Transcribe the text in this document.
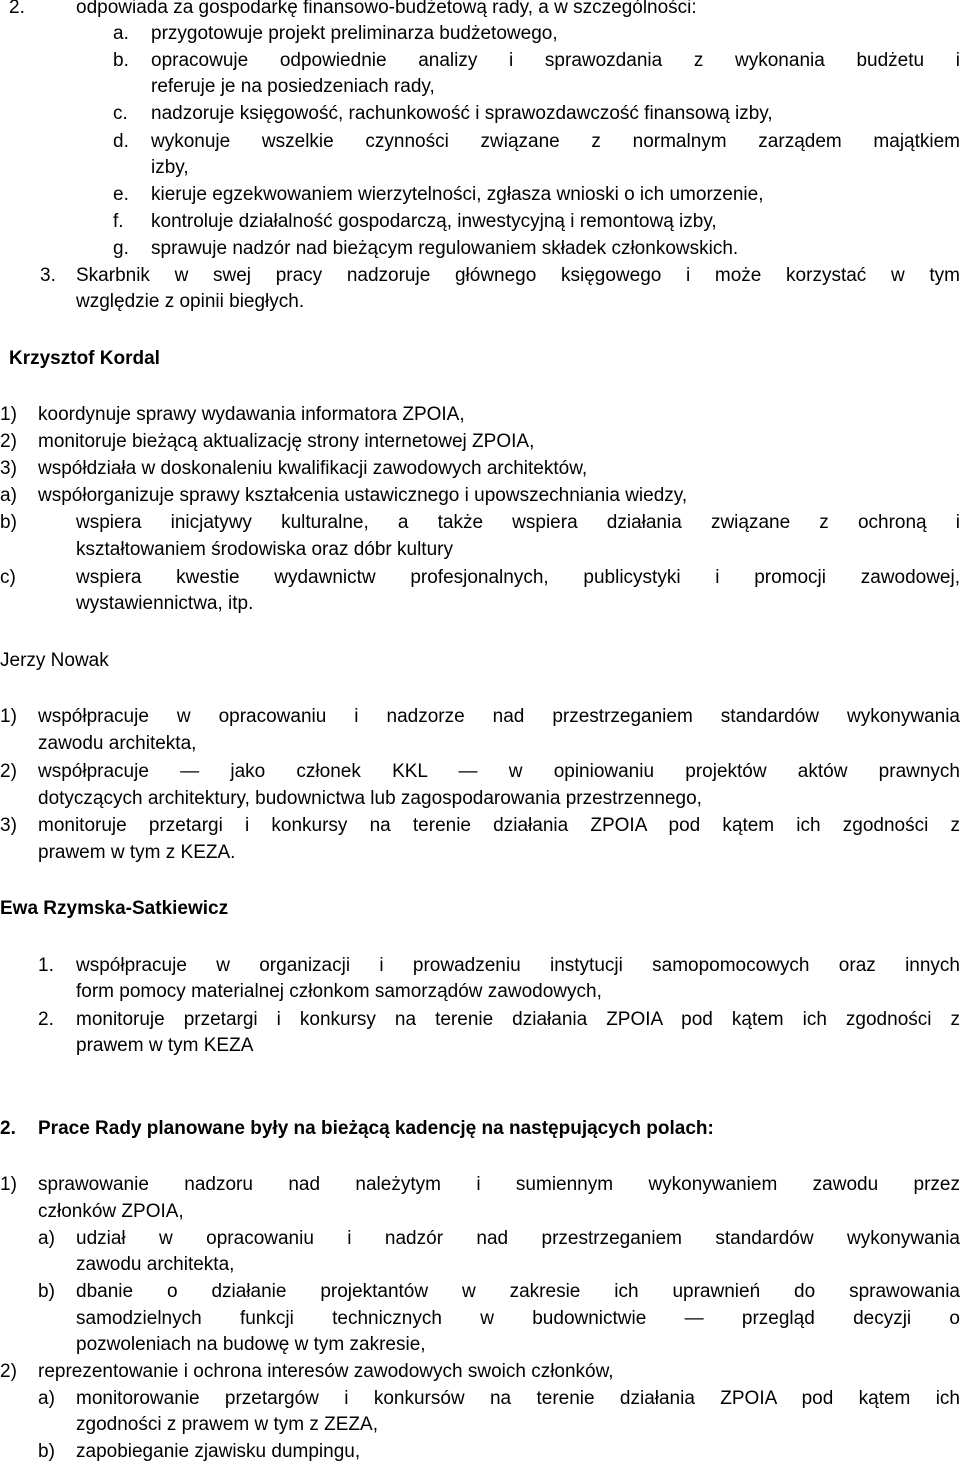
2.	odpowiada za gospodarkę finansowo-budżetową rady, a w szczególności:
a. przygotowuje projekt preliminarza budżetowego,
b. opracowuje odpowiednie analizy i sprawozdania z wykonania budżetu i
referuje je na posiedzeniach rady,
c. nadzoruje księgowość, rachunkowość i sprawozdawczość finansową izby,
d. wykonuje wszelkie czynności związane z normalnym zarządem majątkiem
izby,
e. kieruje egzekwowaniem wierzytelności, zgłasza wnioski o ich umorzenie,
f. kontroluje działalność gospodarczą, inwestycyjną i remontową izby,
g. sprawuje nadzór nad bieżącym regulowaniem składek członkowskich.
3. Skarbnik w swej pracy nadzoruje głównego księgowego i może korzystać w tym
względzie z opinii biegłych.
Krzysztof Kordal
1) koordynuje sprawy wydawania informatora ZPOIA,
2) monitoruje bieżącą aktualizację strony internetowej ZPOIA,
3) współdziała w doskonaleniu kwalifikacji zawodowych architektów,
a) współorganizuje sprawy kształcenia ustawicznego i upowszechniania wiedzy,
b)	wspiera inicjatywy kulturalne, a także wspiera działania związane z ochroną i
kształtowaniem środowiska oraz dóbr kultury
c)	wspiera kwestie wydawnictw profesjonalnych, publicystyki i promocji zawodowej,
wystawiennictwa, itp.
Jerzy Nowak
1) współpracuje w opracowaniu i nadzorze nad przestrzeganiem standardów wykonywania
zawodu architekta,
2) współpracuje — jako członek KKL — w opiniowaniu projektów aktów prawnych
dotyczących architektury, budownictwa lub zagospodarowania przestrzennego,
3) monitoruje przetargi i konkursy na terenie działania ZPOIA pod kątem ich zgodności z
prawem w tym z KEZA.
Ewa Rzymska-Satkiewicz
1. współpracuje w organizacji i prowadzeniu instytucji samopomocowych oraz innych
form pomocy materialnej członkom samorządów zawodowych,
2. monitoruje przetargi i konkursy na terenie działania ZPOIA pod kątem ich zgodności z
prawem w tym KEZA
2. Prace Rady planowane były na bieżącą kadencję na następujących polach:
1) sprawowanie nadzoru nad należytym i sumiennym wykonywaniem zawodu przez
członków ZPOIA,
a) udział w opracowaniu i nadzór nad przestrzeganiem standardów wykonywania
zawodu architekta,
b) dbanie o działanie projektantów w zakresie ich uprawnień do sprawowania
samodzielnych funkcji technicznych w budownictwie — przegląd decyzji o
pozwoleniach na budowę w tym zakresie,
2) reprezentowanie i ochrona interesów zawodowych swoich członków,
a) monitorowanie przetargów i konkursów na terenie działania ZPOIA pod kątem ich
zgodności z prawem w tym z ZEZA,
b) zapobieganie zjawisku dumpingu,
